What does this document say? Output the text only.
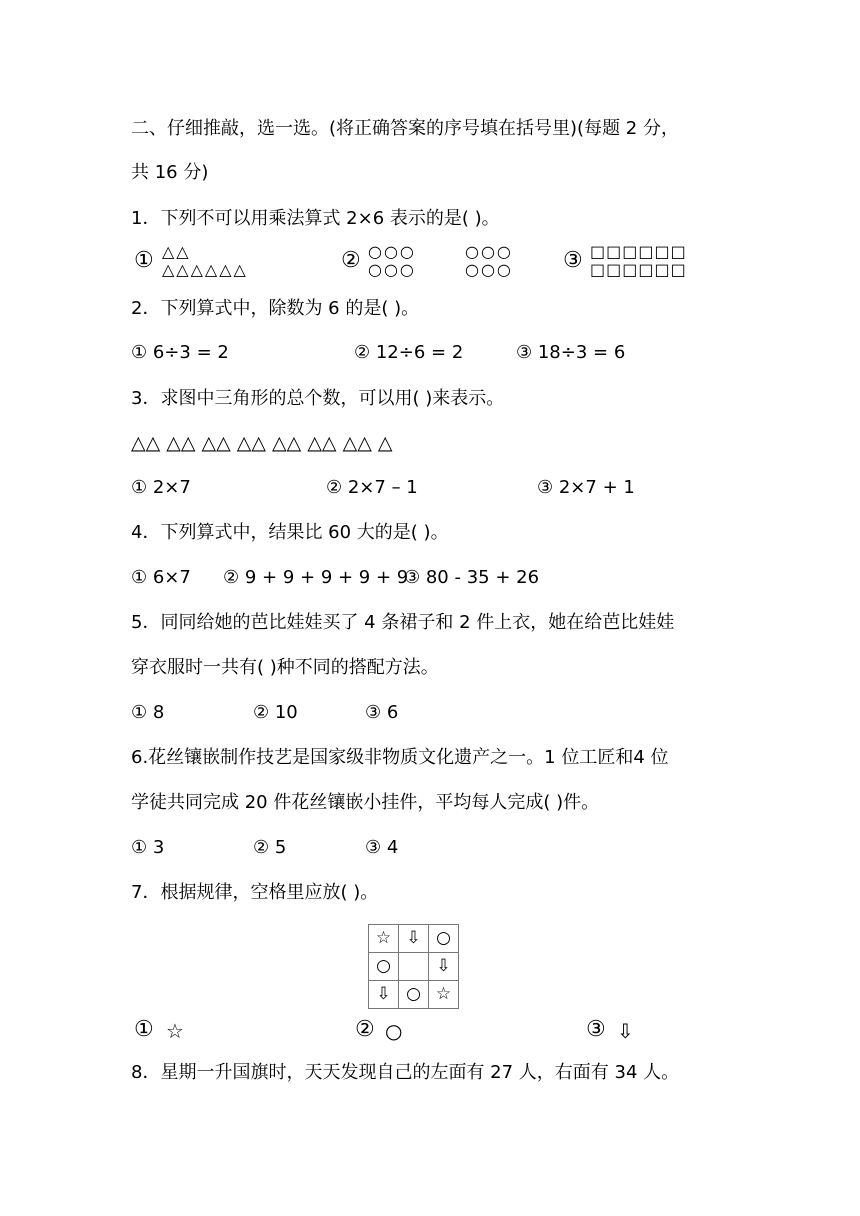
二、仔细推敲，选一选。(将正确答案的序号填在括号里)(每题 2 分，
共 16 分)
1．下列不可以用乘法算式 2×6 表示的是( )。
① △△
△△△△△△	② ○○○
○○○
○○○
○○○ ③ □□□□□□
□□□□□□
2．下列算式中，除数为 6 的是( )。
① 6÷3 = 2	② 12÷6 = 2	③ 18÷3 = 6
3．求图中三角形的总个数，可以用( )来表示。
△△ △△ △△ △△ △△ △△ △△ △
① 2×7	② 2×7 – 1	③ 2×7 + 1
4．下列算式中，结果比 60 大的是( )。
① 6×7 ② 9 + 9 + 9 + 9 + 9
③ 80 - 35 + 26
5．同同给她的芭比娃娃买了 4 条裙子和 2 件上衣，她在给芭比娃娃
穿衣服时一共有( )种不同的搭配方法。
① 8	② 10	③ 6
6.花丝镶嵌制作技艺是国家级非物质文化遗产之一。1 位工匠和4 位
学徒共同完成 20 件花丝镶嵌小挂件，平均每人完成( )件。
① 3	② 5	③ 4
7．根据规律，空格里应放( )。
☆	⇩	○
○		⇩
⇩	○	☆
① ☆	② ○	③ ⇩
8．星期一升国旗时，天天发现自己的左面有 27 人，右面有 34 人。
